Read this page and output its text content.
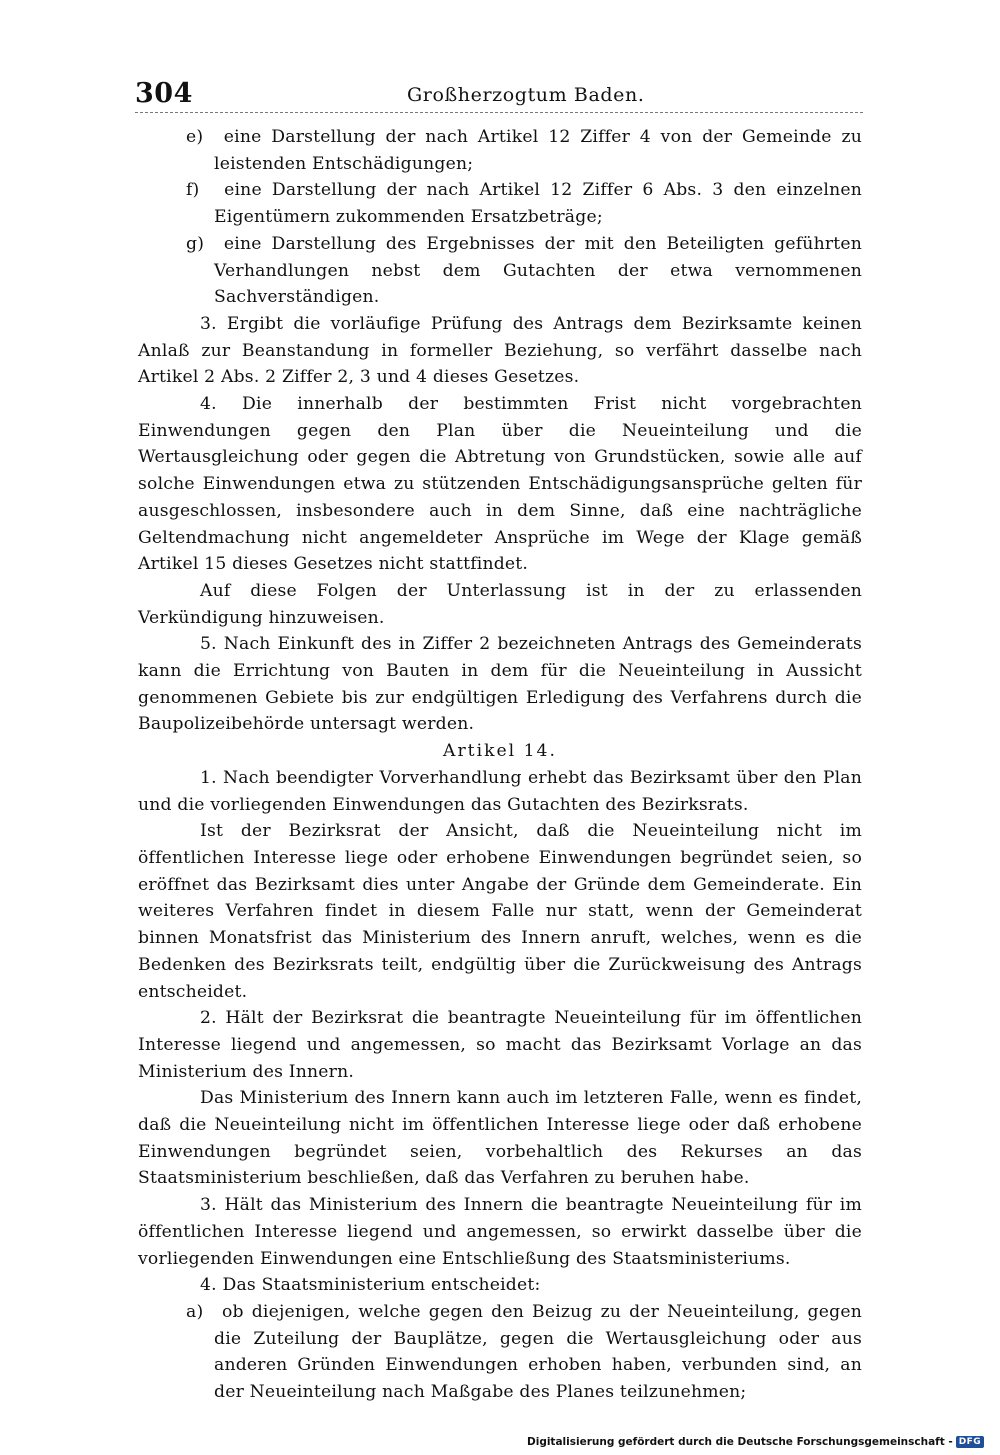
304	Großherzogtum Baden.

e) eine Darstellung der nach Artikel 12 Ziffer 4 von der Gemeinde zu leistenden Entschädigungen;

f) eine Darstellung der nach Artikel 12 Ziffer 6 Abs. 3 den einzelnen Eigentümern zukommenden Ersatzbeträge;

g) eine Darstellung des Ergebnisses der mit den Beteiligten geführten Verhandlungen nebst dem Gutachten der etwa vernommenen Sachverständigen.

3. Ergibt die vorläufige Prüfung des Antrags dem Bezirksamte keinen Anlaß zur Beanstandung in formeller Beziehung, so verfährt dasselbe nach Artikel 2 Abs. 2 Ziffer 2, 3 und 4 dieses Gesetzes.

4. Die innerhalb der bestimmten Frist nicht vorgebrachten Einwendungen gegen den Plan über die Neueinteilung und die Wertausgleichung oder gegen die Abtretung von Grundstücken, sowie alle auf solche Einwendungen etwa zu stützenden Entschädigungsansprüche gelten für ausgeschlossen, insbesondere auch in dem Sinne, daß eine nachträgliche Geltendmachung nicht angemeldeter Ansprüche im Wege der Klage gemäß Artikel 15 dieses Gesetzes nicht stattfindet.

Auf diese Folgen der Unterlassung ist in der zu erlassenden Verkündigung hinzuweisen.

5. Nach Einkunft des in Ziffer 2 bezeichneten Antrags des Gemeinderats kann die Errichtung von Bauten in dem für die Neueinteilung in Aussicht genommenen Gebiete bis zur endgültigen Erledigung des Verfahrens durch die Baupolizeibehörde untersagt werden.

Artikel 14.

1. Nach beendigter Vorverhandlung erhebt das Bezirksamt über den Plan und die vorliegenden Einwendungen das Gutachten des Bezirksrats.

Ist der Bezirksrat der Ansicht, daß die Neueinteilung nicht im öffentlichen Interesse liege oder erhobene Einwendungen begründet seien, so eröffnet das Bezirksamt dies unter Angabe der Gründe dem Gemeinderate. Ein weiteres Verfahren findet in diesem Falle nur statt, wenn der Gemeinderat binnen Monatsfrist das Ministerium des Innern anruft, welches, wenn es die Bedenken des Bezirksrats teilt, endgültig über die Zurückweisung des Antrags entscheidet.

2. Hält der Bezirksrat die beantragte Neueinteilung für im öffentlichen Interesse liegend und angemessen, so macht das Bezirksamt Vorlage an das Ministerium des Innern.

Das Ministerium des Innern kann auch im letzteren Falle, wenn es findet, daß die Neueinteilung nicht im öffentlichen Interesse liege oder daß erhobene Einwendungen begründet seien, vorbehaltlich des Rekurses an das Staatsministerium beschließen, daß das Verfahren zu beruhen habe.

3. Hält das Ministerium des Innern die beantragte Neueinteilung für im öffentlichen Interesse liegend und angemessen, so erwirkt dasselbe über die vorliegenden Einwendungen eine Entschließung des Staatsministeriums.

4. Das Staatsministerium entscheidet:

a) ob diejenigen, welche gegen den Beizug zu der Neueinteilung, gegen die Zuteilung der Bauplätze, gegen die Wertausgleichung oder aus anderen Gründen Einwendungen erhoben haben, verbunden sind, an der Neueinteilung nach Maßgabe des Planes teilzunehmen;

Digitalisierung gefördert durch die Deutsche Forschungsgemeinschaft - DFG
